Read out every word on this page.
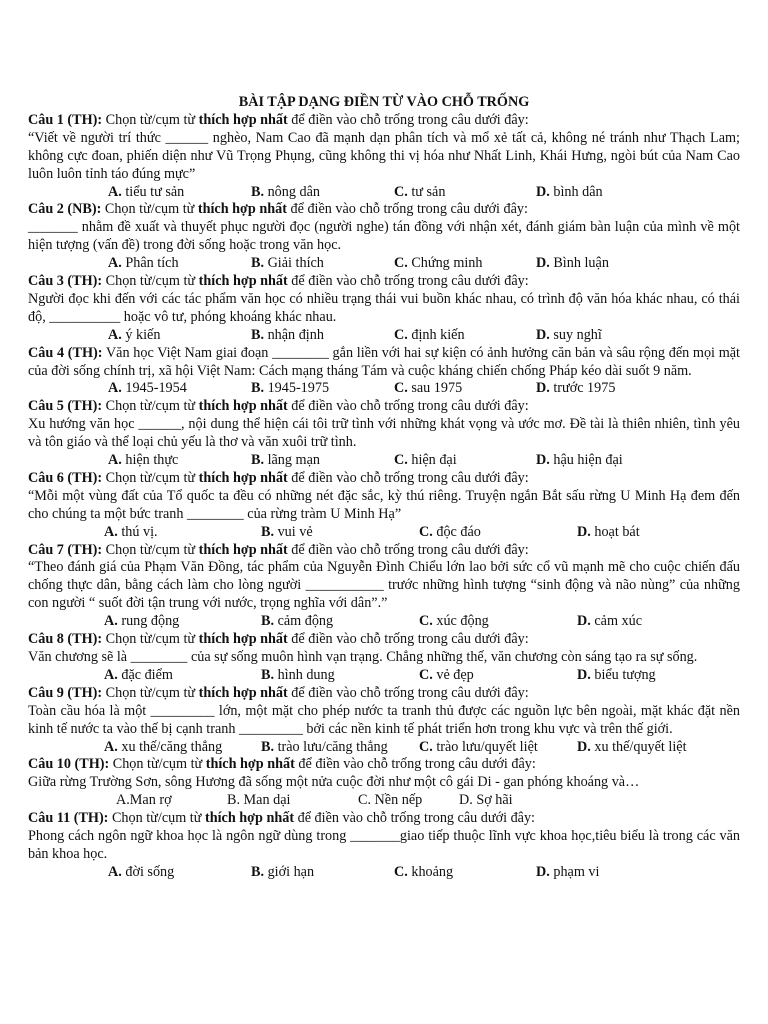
BÀI TẬP DẠNG ĐIỀN TỪ VÀO CHỖ TRỐNG
Câu 1 (TH): Chọn từ/cụm từ thích hợp nhất để điền vào chỗ trống trong câu dưới đây:
“Viết về người trí thức ______ nghèo, Nam Cao đã mạnh dạn phân tích và mổ xẻ tất cả, không né tránh như Thạch Lam; không cực đoan, phiến diện như Vũ Trọng Phụng, cũng không thi vị hóa như Nhất Linh, Khái Hưng, ngòi bút của Nam Cao luôn luôn tỉnh táo đúng mực”
A. tiểu tư sản	B. nông dân	C. tư sản	D. bình dân
Câu 2 (NB): Chọn từ/cụm từ thích hợp nhất để điền vào chỗ trống trong câu dưới đây:
_______ nhằm đề xuất và thuyết phục người đọc (người nghe) tán đồng với nhận xét, đánh giám bàn luận của mình về một hiện tượng (vấn đề) trong đời sống hoặc trong văn học.
A. Phân tích	B. Giải thích	C. Chứng minh	D. Bình luận
Câu 3 (TH): Chọn từ/cụm từ thích hợp nhất để điền vào chỗ trống trong câu dưới đây:
Người đọc khi đến với các tác phẩm văn học có nhiều trạng thái vui buồn khác nhau, có trình độ văn hóa khác nhau, có thái độ, __________ hoặc vô tư, phóng khoáng khác nhau.
A. ý kiến	B. nhận định	C. định kiến	D. suy nghĩ
Câu 4 (TH): Văn học Việt Nam giai đoạn ________ gắn liền với hai sự kiện có ảnh hưởng căn bản và sâu rộng đến mọi mặt của đời sống chính trị, xã hội Việt Nam: Cách mạng tháng Tám và cuộc kháng chiến chống Pháp kéo dài suốt 9 năm.
A. 1945-1954	B. 1945-1975	C. sau 1975	D. trước 1975
Câu 5 (TH): Chọn từ/cụm từ thích hợp nhất để điền vào chỗ trống trong câu dưới đây:
Xu hướng văn học ______, nội dung thể hiện cái tôi trữ tình với những khát vọng và ước mơ. Đề tài là thiên nhiên, tình yêu và tôn giáo và thể loại chủ yếu là thơ và văn xuôi trữ tình.
A. hiện thực	B. lãng mạn	C. hiện đại	D. hậu hiện đại
Câu 6 (TH): Chọn từ/cụm từ thích hợp nhất để điền vào chỗ trống trong câu dưới đây:
“Mỗi một vùng đất của Tổ quốc ta đều có những nét đặc sắc, kỳ thú riêng. Truyện ngắn Bắt sấu rừng U Minh Hạ đem đến cho chúng ta một bức tranh ________ của rừng tràm U Minh Hạ”
A. thú vị.	B. vui vẻ	C. độc đáo	D. hoạt bát
Câu 7 (TH): Chọn từ/cụm từ thích hợp nhất để điền vào chỗ trống trong câu dưới đây:
“Theo đánh giá của Phạm Văn Đồng, tác phẩm của Nguyễn Đình Chiểu lớn lao bởi sức cổ vũ mạnh mẽ cho cuộc chiến đấu chống thực dân, bằng cách làm cho lòng người ___________ trước những hình tượng “sinh động và não nùng” của những con người “ suốt đời tận trung với nước, trọng nghĩa với dân”.”
A. rung động	B. cảm động	C. xúc động	D. cảm xúc
Câu 8 (TH): Chọn từ/cụm từ thích hợp nhất để điền vào chỗ trống trong câu dưới đây:
Văn chương sẽ là ________ của sự sống muôn hình vạn trạng. Chẳng những thế, văn chương còn sáng tạo ra sự sống.
A. đặc điểm	B. hình dung	C. vẻ đẹp	D. biểu tượng
Câu 9 (TH): Chọn từ/cụm từ thích hợp nhất để điền vào chỗ trống trong câu dưới đây:
Toàn cầu hóa là một _________ lớn, một mặt cho phép nước ta tranh thủ được các nguồn lực bên ngoài, mặt khác đặt nền kinh tế nước ta vào thế bị cạnh tranh _________ bởi các nền kinh tế phát triển hơn trong khu vực và trên thế giới.
A. xu thế/căng thẳng	B. trào lưu/căng thẳng C. trào lưu/quyết liệt	D. xu thế/quyết liệt
Câu 10 (TH): Chọn từ/cụm từ thích hợp nhất để điền vào chỗ trống trong câu dưới đây:
Giữa rừng Trường Sơn, sông Hương đã sống một nửa cuộc đời như một cô gái Di - gan phóng khoáng và…
A.Man rợ	B. Man dại	C. Nền nếp	D. Sợ hãi
Câu 11 (TH): Chọn từ/cụm từ thích hợp nhất để điền vào chỗ trống trong câu dưới đây:
Phong cách ngôn ngữ khoa học là ngôn ngữ dùng trong _______giao tiếp thuộc lĩnh vực khoa học,tiêu biểu là trong các văn bản khoa học.
A. đời sống	B. giới hạn	C. khoảng	D. phạm vi
